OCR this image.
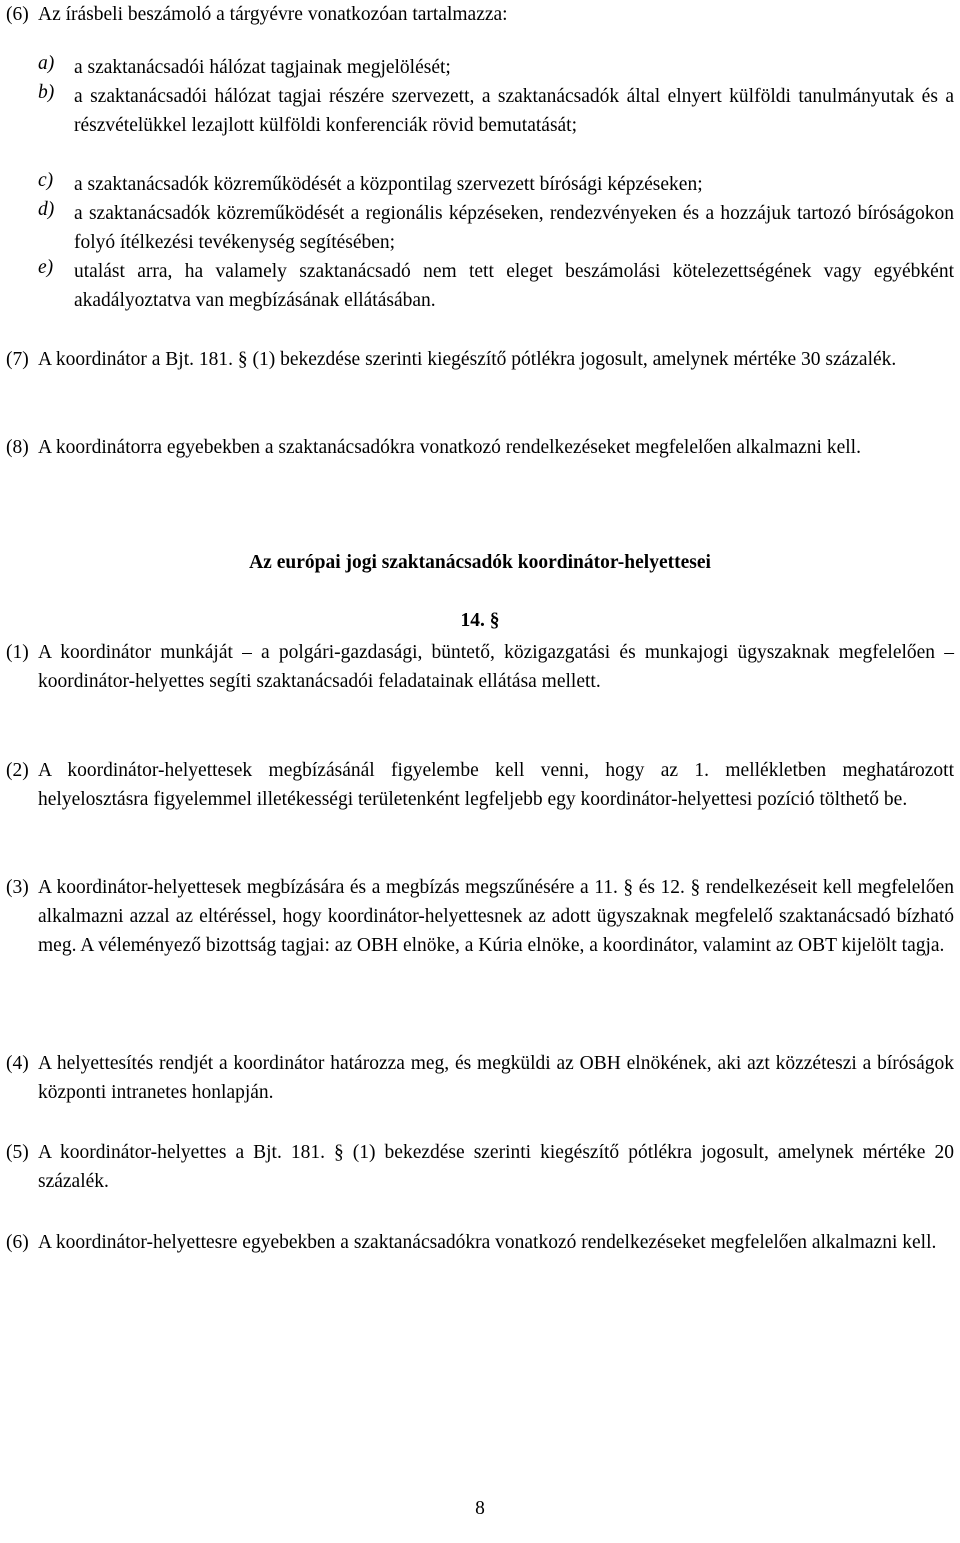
(6) Az írásbeli beszámoló a tárgyévre vonatkozóan tartalmazza:
a) a szaktanácsadói hálózat tagjainak megjelölését;
b) a szaktanácsadói hálózat tagjai részére szervezett, a szaktanácsadók által elnyert külföldi tanulmányutak és a részvételükkel lezajlott külföldi konferenciák rövid bemutatását;
c) a szaktanácsadók közreműködését a központilag szervezett bírósági képzéseken;
d) a szaktanácsadók közreműködését a regionális képzéseken, rendezvényeken és a hozzájuk tartozó bíróságokon folyó ítélkezési tevékenység segítésében;
e) utalást arra, ha valamely szaktanácsadó nem tett eleget beszámolási kötelezettségének vagy egyébként akadályoztatva van megbízásának ellátásában.
(7) A koordinátor a Bjt. 181. § (1) bekezdése szerinti kiegészítő pótlékra jogosult, amelynek mértéke 30 százalék.
(8) A koordinátorra egyebekben a szaktanácsadókra vonatkozó rendelkezéseket megfelelően alkalmazni kell.
Az európai jogi szaktanácsadók koordinátor-helyettesei
14. §
(1) A koordinátor munkáját – a polgári-gazdasági, büntető, közigazgatási és munkajogi ügyszaknak megfelelően – koordinátor-helyettes segíti szaktanácsadói feladatainak ellátása mellett.
(2) A koordinátor-helyettesek megbízásánál figyelembe kell venni, hogy az 1. mellékletben meghatározott helyelosztásra figyelemmel illetékességi területenként legfeljebb egy koordinátor-helyettesi pozíció tölthető be.
(3) A koordinátor-helyettesek megbízására és a megbízás megszűnésére a 11. § és 12. § rendelkezéseit kell megfelelően alkalmazni azzal az eltéréssel, hogy koordinátor-helyettesnek az adott ügyszaknak megfelelő szaktanácsadó bízható meg. A véleményező bizottság tagjai: az OBH elnöke, a Kúria elnöke, a koordinátor, valamint az OBT kijelölt tagja.
(4) A helyettesítés rendjét a koordinátor határozza meg, és megküldi az OBH elnökének, aki azt közzéteszi a bíróságok központi intranetes honlapján.
(5) A koordinátor-helyettes a Bjt. 181. § (1) bekezdése szerinti kiegészítő pótlékra jogosult, amelynek mértéke 20 százalék.
(6) A koordinátor-helyettesre egyebekben a szaktanácsadókra vonatkozó rendelkezéseket megfelelően alkalmazni kell.
8
